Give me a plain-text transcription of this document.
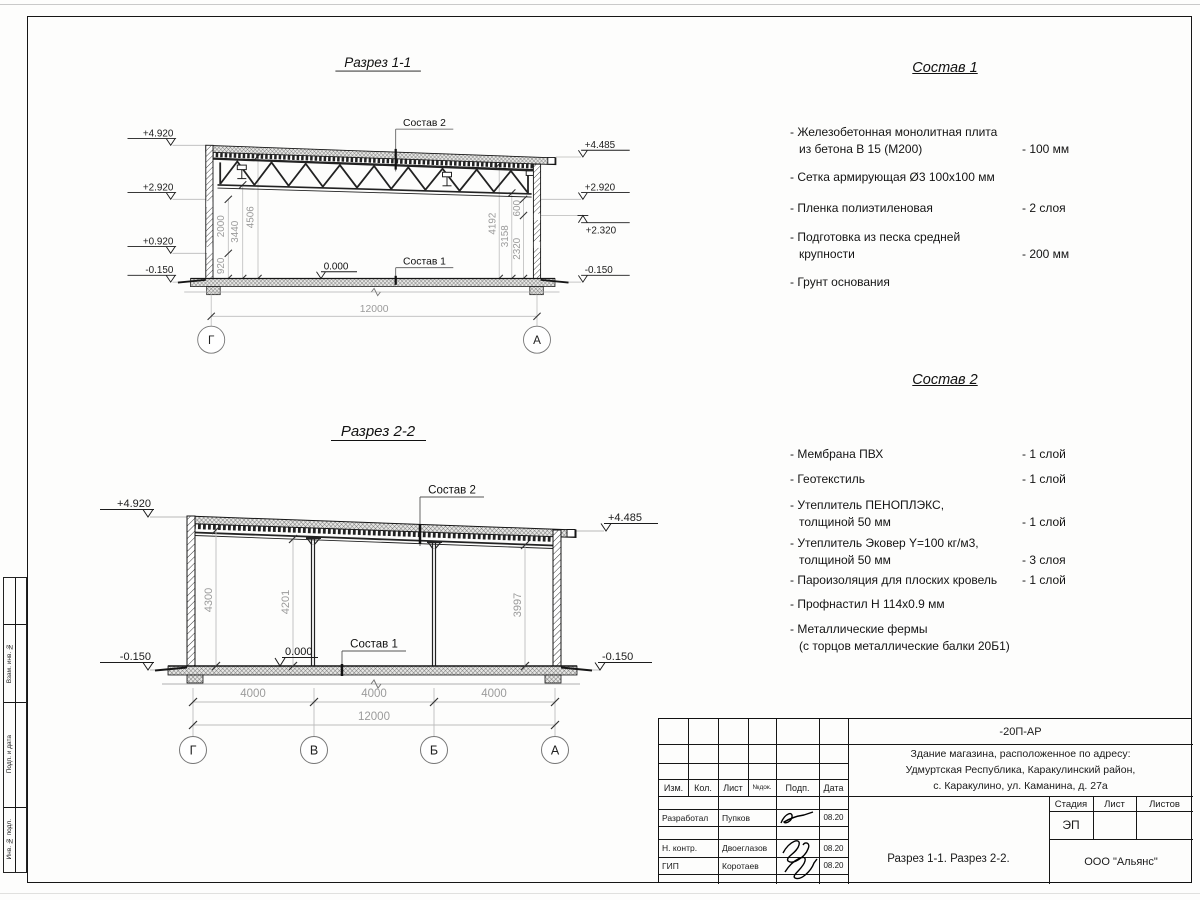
Взам. инв. №
Подп. и дата
Инв. № подл.
Разрез 1-1
+4.920
+2.920
+0.920
-0.150
+4.485
+2.920
+2.320
-0.150
920
2000 3440
4506	4192
3158
2320
600
Состав 2
Состав 1
0.000
12000
Г	А
Разрез 2-2
+4.920
-0.150
+4.485
-0.150
4300	4201	3997
Состав 2
Состав 1
0.000
4000	4000	4000
12000
Г	В	Б	А
Состав 1
- Железобетонная монолитная плита
из бетона В 15 (М200)	- 100 мм
- Сетка армирующая Ø3 100х100 мм
- Пленка полиэтиленовая	- 2 слоя
- Подготовка из песка средней
крупности	- 200 мм
- Грунт основания
Состав 2
- Мембрана ПВХ	- 1 слой
- Геотекстиль	- 1 слой
- Утеплитель ПЕНОПЛЭКС,
толщиной 50 мм	- 1 слой
- Утеплитель Эковер Y=100 кг/м3,
толщиной 50 мм	- 3 слоя
- Пароизоляция для плоских кровель	- 1 слой
- Профнастил Н 114х0.9 мм
- Металлические фермы
(с торцов металлические балки 20Б1)
-20П-АР
Здание магазина, расположенное по адресу:
Удмуртская Республика, Каракулинский район,
с. Каракулино, ул. Каманина, д. 27а
Изм.	Кол.	Лист	№док.	Подп.	Дата
Разработал	Пупков	08.20
Н. контр.	Двоеглазов	08.20
ГИП	Коротаев	08.20
Стадия	Лист	Листов
ЭП
Разрез 1-1. Разрез 2-2.	ООО "Альянс"
